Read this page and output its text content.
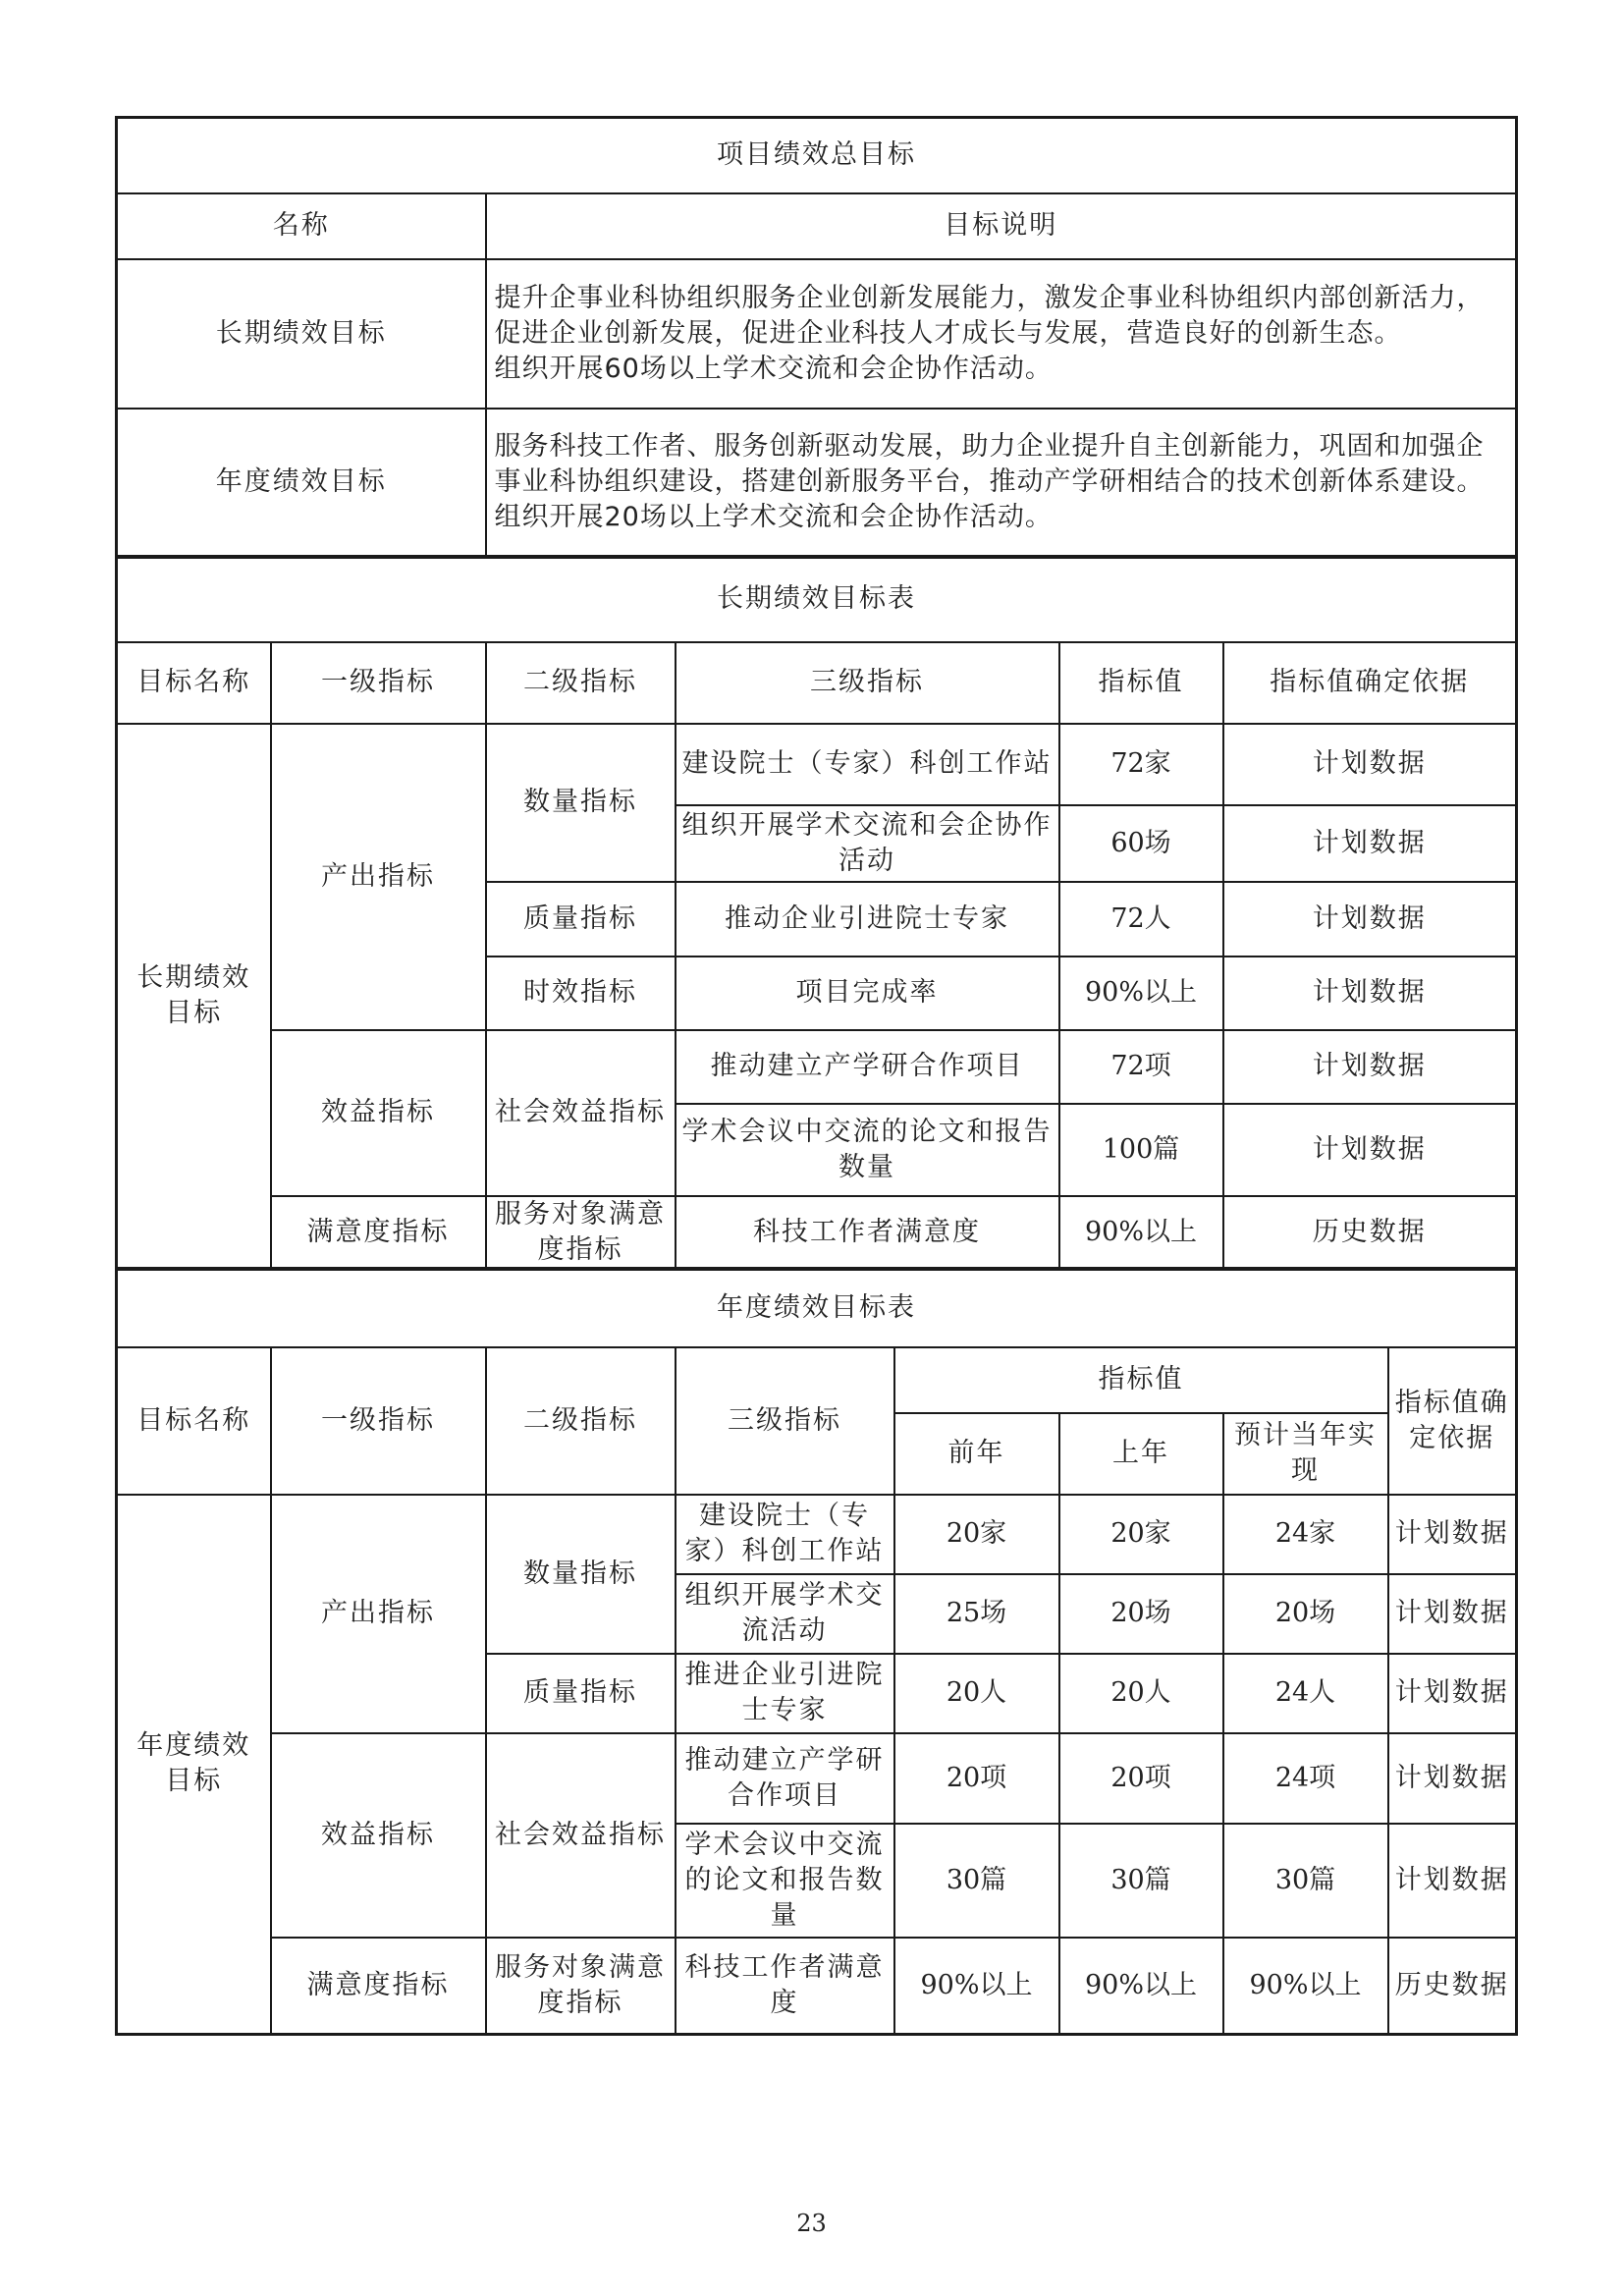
项目绩效总目标	
名称	目标说明
长期绩效目标	提升企事业科协组织服务企业创新发展能力，激发企事业科协组织内部创新活力，促进企业创新发展，促进企业科技人才成长与发展，营造良好的创新生态。
组织开展60场以上学术交流和会企协作活动。

年度绩效目标	服务科技工作者、服务创新驱动发展，助力企业提升自主创新能力，巩固和加强企事业科协组织建设，搭建创新服务平台，推动产学研相结合的技术创新体系建设。
组织开展20场以上学术交流和会企协作活动。
长期绩效目标表					
目标名称	一级指标	二级指标	三级指标	指标值	指标值确定依据
长期绩效目标	产出指标	数量指标	建设院士（专家）科创工作站	72家	计划数据
			组织开展学术交流和会企协作活动	60场	计划数据
		质量指标	推动企业引进院士专家	72人	计划数据
		时效指标	项目完成率	90%以上	计划数据
	效益指标	社会效益指标	推动建立产学研合作项目	72项	计划数据
			学术会议中交流的论文和报告数量	100篇	计划数据
	满意度指标	服务对象满意度指标	科技工作者满意度	90%以上	历史数据
年度绩效目标表							
目标名称	一级指标	二级指标	三级指标	指标值			指标值确定依据
				前年	上年	预计当年实现	
年度绩效目标	产出指标	数量指标	建设院士（专家）科创工作站	20家	20家	24家	计划数据
			组织开展学术交流活动	25场	20场	20场	计划数据
		质量指标	推进企业引进院士专家	20人	20人	24人	计划数据
	效益指标	社会效益指标	推动建立产学研合作项目	20项	20项	24项	计划数据
			学术会议中交流的论文和报告数量	30篇	30篇	30篇	计划数据
	满意度指标	服务对象满意度指标	科技工作者满意度	90%以上	90%以上	90%以上	历史数据
23
